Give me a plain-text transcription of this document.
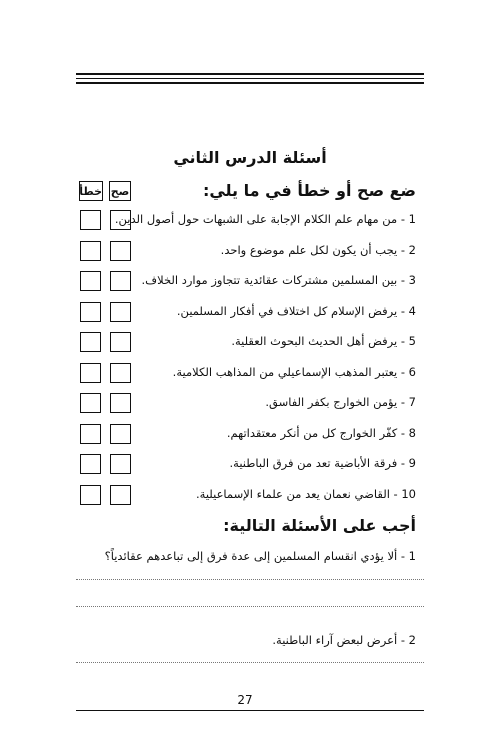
أسئلة الدرس الثاني
ضع صح أو خطأ في ما يلي:
خطأ صح
1 - من مهام علم الكلام الإجابة على الشبهات حول أصول الدين.
2 - يجب أن يكون لكل علم موضوع واحد.
3 - بين المسلمين مشتركات عقائدية تتجاوز موارد الخلاف.
4 - يرفض الإسلام كل اختلاف في أفكار المسلمين.
5 - يرفض أهل الحديث البحوث العقلية.
6 - يعتبر المذهب الإسماعيلي من المذاهب الكلامية.
7 - يؤمن الخوارج بكفر الفاسق.
8 - كفّر الخوارج كل من أنكر معتقداتهم.
9 - فرقة الأباضية تعد من فرق الباطنية.
10 - القاضي نعمان يعد من علماء الإسماعيلية.
أجب على الأسئلة التالية:
1 - ألا يؤدي انقسام المسلمين إلى عدة فرق إلى تباعدهم عقائدياً؟
2 - أعرض لبعض آراء الباطنية.
27
